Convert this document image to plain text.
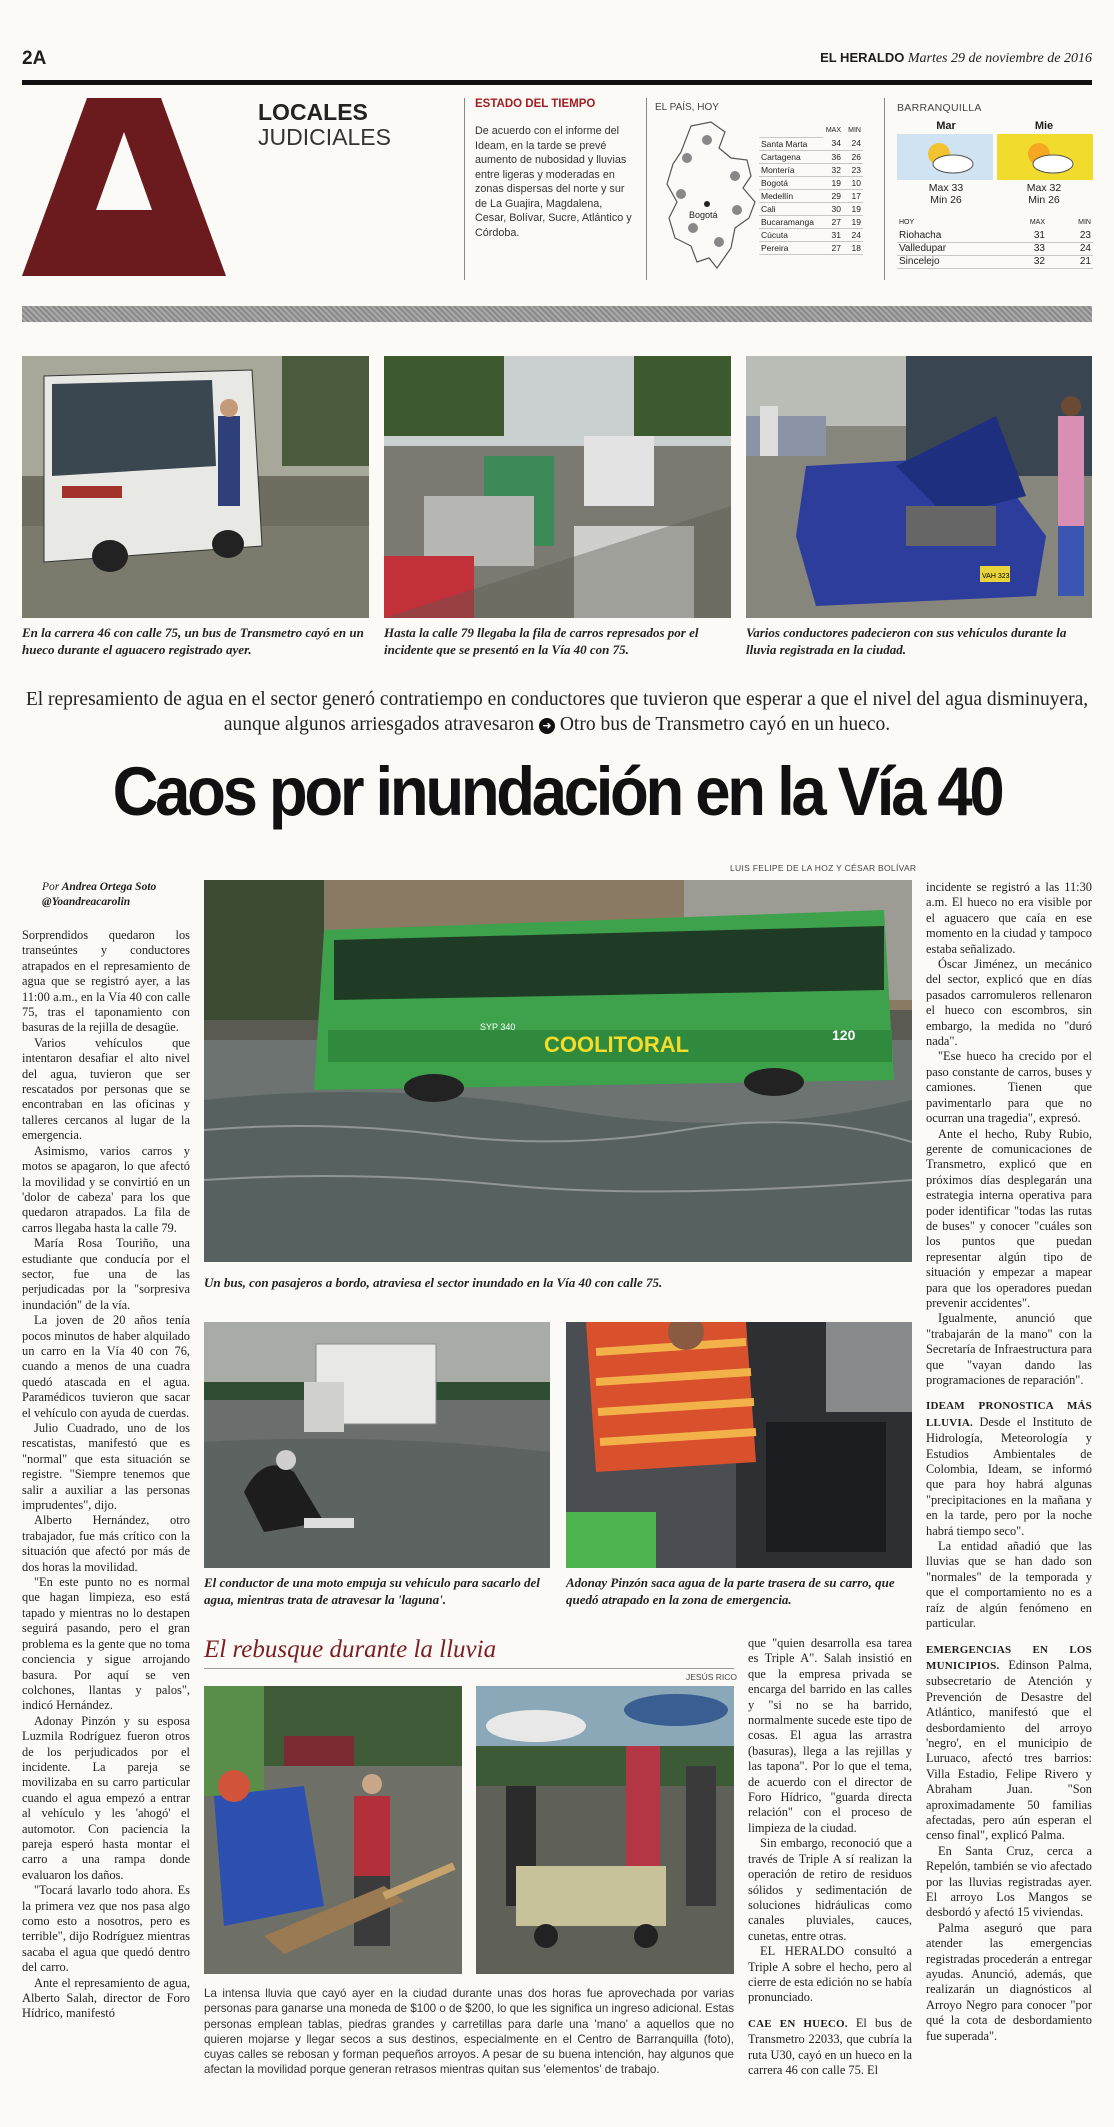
2A	EL HERALDO Martes 29 de noviembre de 2016
LOCALES
JUDICIALES
ESTADO DEL TIEMPO
De acuerdo con el informe del Ideam, en la tarde se prevé aumento de nubosidad y lluvias entre ligeras y moderadas en zonas dispersas del norte y sur de La Guajira, Magdalena, Cesar, Bolívar, Sucre, Atlántico y Córdoba.
EL PAÍS, HOY
Bogotá
	MAX	MIN
Santa Marta	34	24
Cartagena	36	26
Montería	32	23
Bogotá	19	10
Medellín	29	17
Cali	30	19
Bucaramanga	27	19
Cúcuta	31	24
Pereira	27	18
BARRANQUILLA
Mar
Max 33
Min 26
Mie
Max 32
Min 26
HOY	MAX	MIN
Riohacha	31	23
Valledupar	33	24
Sincelejo	32	21
VAH 323
En la carrera 46 con calle 75, un bus de Transmetro cayó en un hueco durante el aguacero registrado ayer.
Hasta la calle 79 llegaba la fila de carros represados por el incidente que se presentó en la Vía 40 con 75.
Varios conductores padecieron con sus vehículos durante la lluvia registrada en la ciudad.
El represamiento de agua en el sector generó contratiempo en conductores que tuvieron que esperar a que el nivel del agua disminuyera, aunque algunos arriesgados atravesaron ➜ Otro bus de Transmetro cayó en un hueco.
Caos por inundación en la Vía 40
LUIS FELIPE DE LA HOZ Y CÉSAR BOLÍVAR
Por Andrea Ortega Soto
@Yoandreacarolin

Sorprendidos quedaron los transeúntes y conductores atrapados en el represamiento de agua que se registró ayer, a las 11:00 a.m., en la Vía 40 con calle 75, tras el taponamiento con basuras de la rejilla de desagüe.

Varios vehículos que intentaron desafiar el alto nivel del agua, tuvieron que ser rescatados por personas que se encontraban en las oficinas y talleres cercanos al lugar de la emergencia.

Asimismo, varios carros y motos se apagaron, lo que afectó la movilidad y se convirtió en un 'dolor de cabeza' para los que quedaron atrapados. La fila de carros llegaba hasta la calle 79.

María Rosa Touriño, una estudiante que conducía por el sector, fue una de las perjudicadas por la "sorpresiva inundación" de la vía.

La joven de 20 años tenía pocos minutos de haber alquilado un carro en la Vía 40 con 76, cuando a menos de una cuadra quedó atascada en el agua. Paramédicos tuvieron que sacar el vehículo con ayuda de cuerdas.

Julio Cuadrado, uno de los rescatistas, manifestó que es "normal" que esta situación se registre. "Siempre tenemos que salir a auxiliar a las personas imprudentes", dijo.

Alberto Hernández, otro trabajador, fue más crítico con la situación que afectó por más de dos horas la movilidad.

"En este punto no es normal que hagan limpieza, eso está tapado y mientras no lo destapen seguirá pasando, pero el gran problema es la gente que no toma conciencia y sigue arrojando basura. Por aquí se ven colchones, llantas y palos", indicó Hernández.

Adonay Pinzón y su esposa Luzmila Rodríguez fueron otros de los perjudicados por el incidente. La pareja se movilizaba en su carro particular cuando el agua empezó a entrar al vehículo y les 'ahogó' el automotor. Con paciencia la pareja esperó hasta montar el carro a una rampa donde evaluaron los daños.

"Tocará lavarlo todo ahora. Es la primera vez que nos pasa algo como esto a nosotros, pero es terrible", dijo Rodríguez mientras sacaba el agua que quedó dentro del carro.

Ante el represamiento de agua, Alberto Salah, director de Foro Hídrico, manifestó

COOLITORAL
SYP 340	120
Un bus, con pasajeros a bordo, atraviesa el sector inundado en la Vía 40 con calle 75.

incidente se registró a las 11:30 a.m. El hueco no era visible por el aguacero que caía en ese momento en la ciudad y tampoco estaba señalizado.

Óscar Jiménez, un mecánico del sector, explicó que en días pasados carromuleros rellenaron el hueco con escombros, sin embargo, la medida no "duró nada".

"Ese hueco ha crecido por el paso constante de carros, buses y camiones. Tienen que pavimentarlo para que no ocurran una tragedia", expresó.

Ante el hecho, Ruby Rubio, gerente de comunicaciones de Transmetro, explicó que en próximos días desplegarán una estrategia interna operativa para poder identificar "todas las rutas de buses" y conocer "cuáles son los puntos que puedan representar algún tipo de situación y empezar a mapear para que los operadores puedan prevenir accidentes".

Igualmente, anunció que "trabajarán de la mano" con la Secretaría de Infraestructura para que "vayan dando las programaciones de reparación".

IDEAM PRONOSTICA MÁS LLUVIA. Desde el Instituto de Hidrología, Meteorología y Estudios Ambientales de Colombia, Ideam, se informó que para hoy habrá algunas "precipitaciones en la mañana y en la tarde, pero por la noche habrá tiempo seco".

La entidad añadió que las lluvias que se han dado son "normales" de la temporada y que el comportamiento no es a raíz de algún fenómeno en particular.

EMERGENCIAS EN LOS MUNICIPIOS. Edinson Palma, subsecretario de Atención y Prevención de Desastre del Atlántico, manifestó que el desbordamiento del arroyo 'negro', en el municipio de Luruaco, afectó tres barrios: Villa Estadio, Felipe Rivero y Abraham Juan. "Son aproximadamente 50 familias afectadas, pero aún esperan el censo final", explicó Palma.

En Santa Cruz, cerca a Repelón, también se vio afectado por las lluvias registradas ayer. El arroyo Los Mangos se desbordó y afectó 15 viviendas.

Palma aseguró que para atender las emergencias registradas procederán a entregar ayudas. Anunció, además, que realizarán un diagnósticos al Arroyo Negro para conocer "por qué la cota de desbordamiento fue superada".

El conductor de una moto empuja su vehículo para sacarlo del agua, mientras trata de atravesar la 'laguna'.
Adonay Pinzón saca agua de la parte trasera de su carro, que quedó atrapado en la zona de emergencia.
El rebusque durante la lluvia
JESÚS RICO
La intensa lluvia que cayó ayer en la ciudad durante unas dos horas fue aprovechada por varias personas para ganarse una moneda de $100 o de $200, lo que les significa un ingreso adicional. Estas personas emplean tablas, piedras grandes y carretillas para darle una 'mano' a aquellos que no quieren mojarse y llegar secos a sus destinos, especialmente en el Centro de Barranquilla (foto), cuyas calles se rebosan y forman pequeños arroyos. A pesar de su buena intención, hay algunos que afectan la movilidad porque generan retrasos mientras quitan sus 'elementos' de trabajo.

que "quien desarrolla esa tarea es Triple A". Salah insistió en que la empresa privada se encarga del barrido en las calles y "si no se ha barrido, normalmente sucede este tipo de cosas. El agua las arrastra (basuras), llega a las rejillas y las tapona". Por lo que el tema, de acuerdo con el director de Foro Hídrico, "guarda directa relación" con el proceso de limpieza de la ciudad.

Sin embargo, reconoció que a través de Triple A sí realizan la operación de retiro de residuos sólidos y sedimentación de soluciones hidráulicas como canales pluviales, cauces, cunetas, entre otras.

EL HERALDO consultó a Triple A sobre el hecho, pero al cierre de esta edición no se había pronunciado.

CAE EN HUECO. El bus de Transmetro 22033, que cubría la ruta U30, cayó en un hueco en la carrera 46 con calle 75. El
